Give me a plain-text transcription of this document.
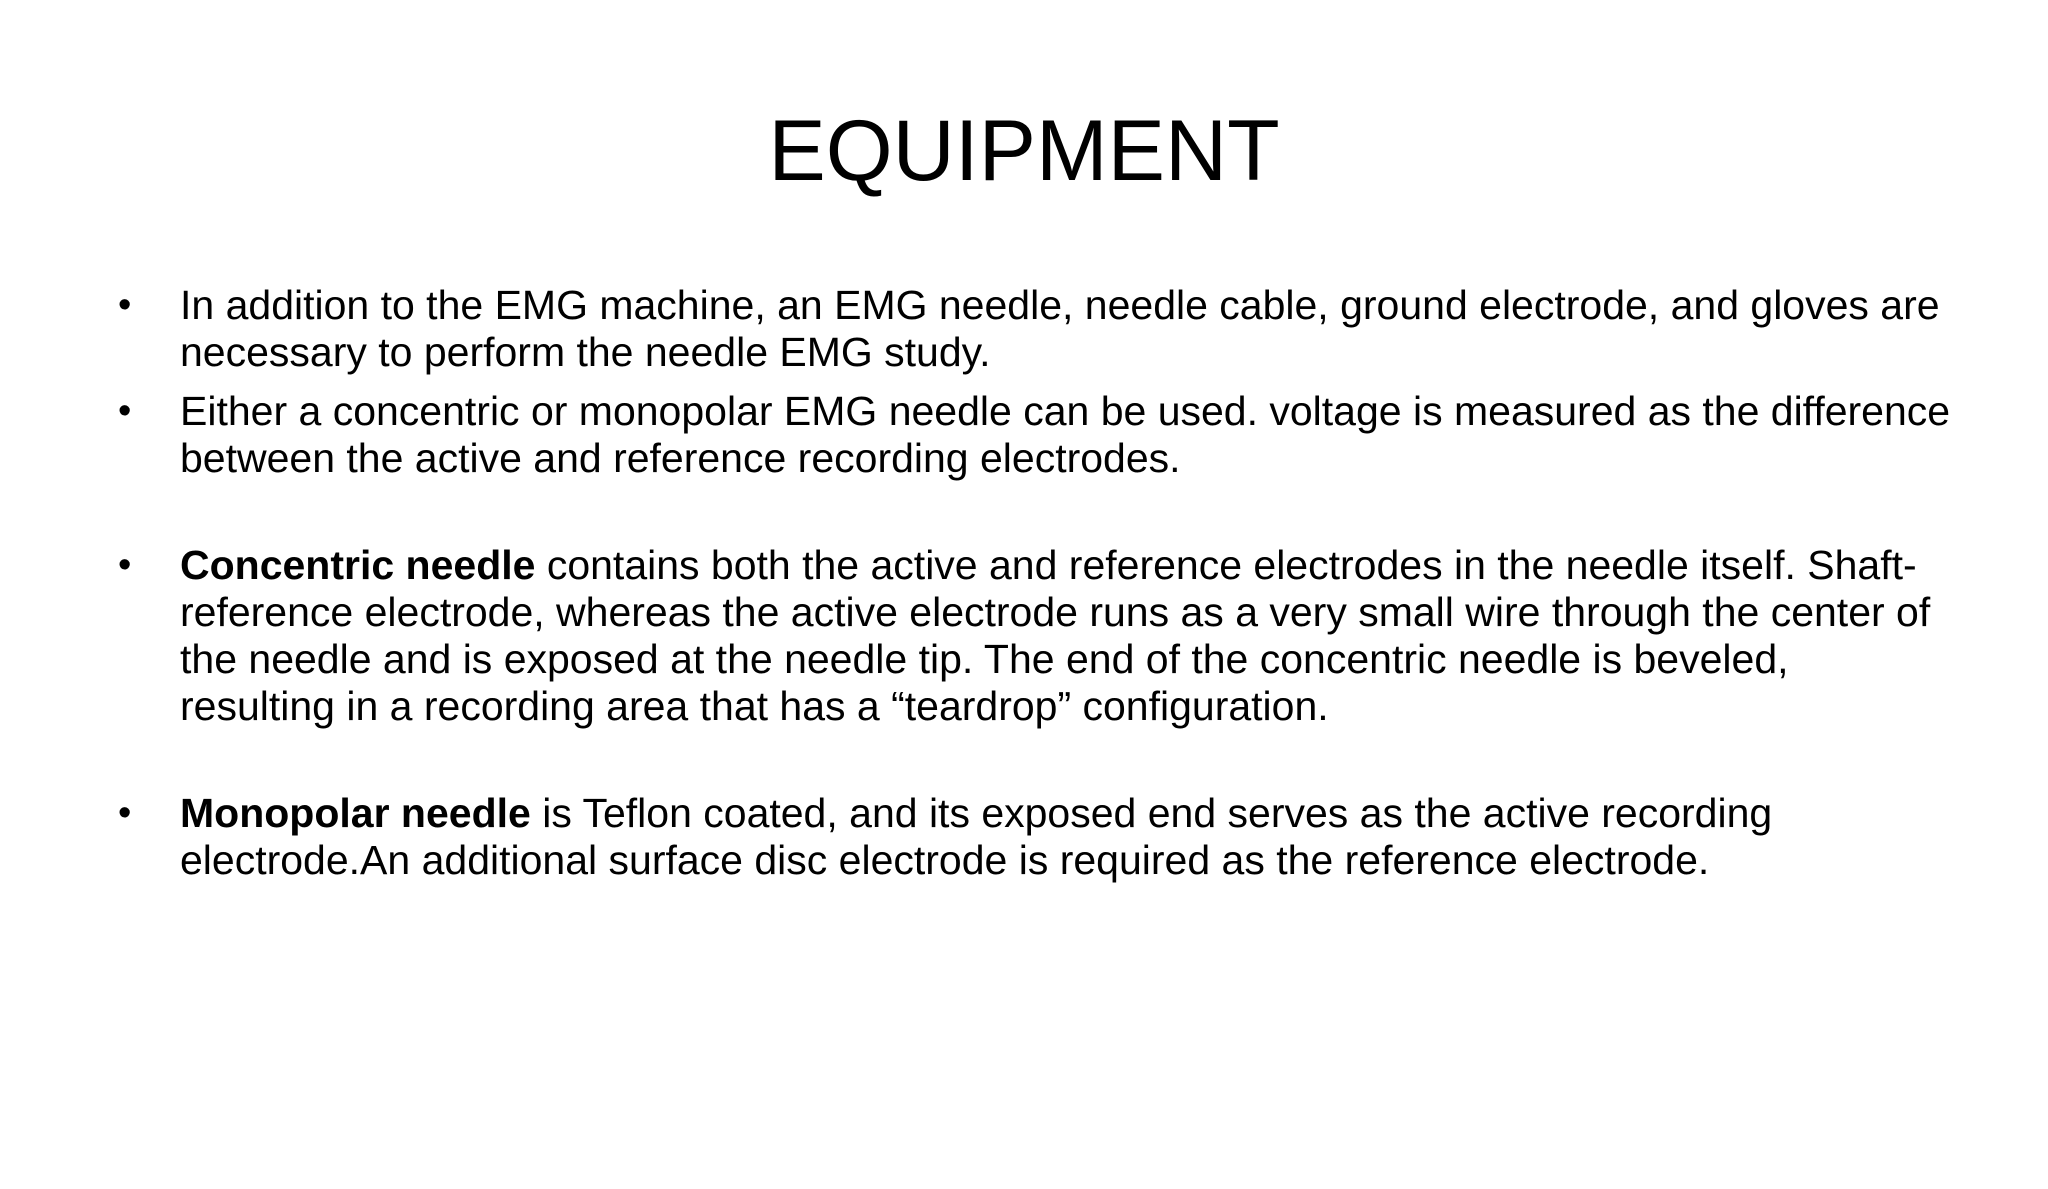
EQUIPMENT
• In addition to the EMG machine, an EMG needle, needle cable, ground electrode, and gloves are necessary to perform the needle EMG study.
• Either a concentric or monopolar EMG needle can be used. voltage is measured as the difference between the active and reference recording electrodes.
• Concentric needle contains both the active and reference electrodes in the needle itself. Shaft-reference electrode, whereas the active electrode runs as a very small wire through the center of the needle and is exposed at the needle tip. The end of the concentric needle is beveled, resulting in a recording area that has a “teardrop” configuration.
• Monopolar needle is Teflon coated, and its exposed end serves as the active recording electrode.An additional surface disc electrode is required as the reference electrode.
